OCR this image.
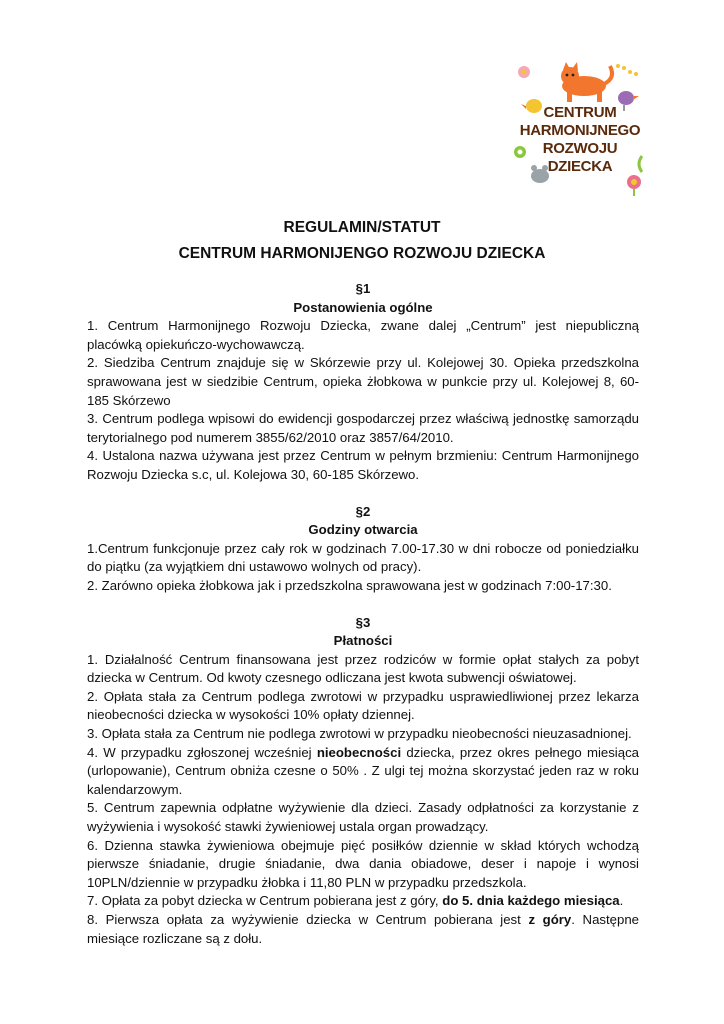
CENTRUM
HARMONIJNEGO
ROZWOJU
DZIECKA
REGULAMIN/STATUT
CENTRUM HARMONIJENGO ROZWOJU DZIECKA
§1
Postanowienia ogólne
1. Centrum Harmonijnego Rozwoju Dziecka, zwane dalej „Centrum” jest niepubliczną placówką opiekuńczo-wychowawczą.
2. Siedziba Centrum znajduje się w Skórzewie przy ul. Kolejowej 30. Opieka przedszkolna sprawowana jest w siedzibie Centrum, opieka żłobkowa w punkcie przy ul. Kolejowej 8, 60-185 Skórzewo
3. Centrum podlega wpisowi do ewidencji gospodarczej przez właściwą jednostkę samorządu terytorialnego pod numerem 3855/62/2010 oraz 3857/64/2010.
4. Ustalona nazwa używana jest przez Centrum w pełnym brzmieniu: Centrum Harmonijnego Rozwoju Dziecka s.c, ul. Kolejowa 30, 60-185 Skórzewo.
§2
Godziny otwarcia
1.Centrum funkcjonuje przez cały rok w godzinach 7.00-17.30 w dni robocze od poniedziałku do piątku (za wyjątkiem dni ustawowo wolnych od pracy).
2. Zarówno opieka żłobkowa jak i przedszkolna sprawowana jest w godzinach 7:00-17:30.
§3
Płatności
1. Działalność Centrum finansowana jest przez rodziców w formie opłat stałych za pobyt dziecka w Centrum. Od kwoty czesnego odliczana jest kwota subwencji oświatowej.
2. Opłata stała za Centrum podlega zwrotowi w przypadku usprawiedliwionej przez lekarza nieobecności dziecka w wysokości 10% opłaty dziennej.
3. Opłata stała za Centrum nie podlega zwrotowi w przypadku nieobecności nieuzasadnionej.
4. W przypadku zgłoszonej wcześniej nieobecności dziecka, przez okres pełnego miesiąca (urlopowanie), Centrum obniża czesne o 50% . Z ulgi tej można skorzystać jeden raz w roku kalendarzowym.
5. Centrum zapewnia odpłatne wyżywienie dla dzieci. Zasady odpłatności za korzystanie z wyżywienia i wysokość stawki żywieniowej ustala organ prowadzący.
6. Dzienna stawka żywieniowa obejmuje pięć posiłków dziennie w skład których wchodzą pierwsze śniadanie, drugie śniadanie, dwa dania obiadowe, deser i napoje i wynosi 10PLN/dziennie w przypadku żłobka i 11,80 PLN w przypadku przedszkola.
7. Opłata za pobyt dziecka w Centrum pobierana jest z góry, do 5. dnia każdego miesiąca.
8. Pierwsza opłata za wyżywienie dziecka w Centrum pobierana jest z góry. Następne miesiące rozliczane są z dołu.
